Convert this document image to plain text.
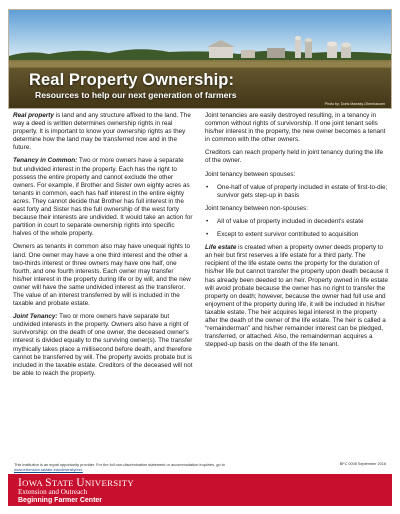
Real Property Ownership:
Resources to help our next generation of farmers
Photo by: Doris Mawsky-Obenhausen

Real property is land and any structure affixed to the land. The way a deed is written determines ownership rights in real property. It is important to know your ownership rights as they determine how the land may be transferred now and in the future.

Tenancy in Common: Two or more owners have a separate but undivided interest in the property. Each has the right to possess the entire property and cannot exclude the other owners. For example, if Brother and Sister own eighty acres as tenants in common, each has half interest in the entire eighty acres. They cannot decide that Brother has full interest in the east forty and Sister has the full ownership of the west forty because their interests are undivided. It would take an action for partition in court to separate ownership rights into specific halves of the whole property.

Owners as tenants in common also may have unequal rights to land. One owner may have a one third interest and the other a two-thirds interest or three owners may have one half, one fourth, and one fourth interests. Each owner may transfer his/her interest in the property during life or by will, and the new owner will have the same undivided interest as the transferor. The value of an interest transferred by will is included in the taxable and probate estate.

Joint Tenancy: Two or more owners have separate but undivided interests in the property. Owners also have a right of survivorship: on the death of one owner, the deceased owner's interest is divided equally to the surviving owner(s). The transfer mythically takes place a millisecond before death, and therefore cannot be transferred by will. The property avoids probate but is included in the taxable estate. Creditors of the deceased will not be able to reach the property.

Joint tenancies are easily destroyed resulting, in a tenancy in common without rights of survivorship. If one joint tenant sells his/her interest in the property, the new owner becomes a tenant in common with the other owners.

Creditors can reach property held in joint tenancy during the life of the owner.

Joint tenancy between spouses:

• One-half of value of property included in estate of first-to-die; survivor gets step-up in basis

Joint tenancy between non-spouses:

• All of value of property included in decedent's estate
• Except to extent survivor contributed to acquisition

Life estate is created when a property owner deeds property to an heir but first reserves a life estate for a third party. The recipient of the life estate owns the property for the duration of his/her life but cannot transfer the property upon death because it has already been deeded to an heir. Property owned in life estate will avoid probate because the owner has no right to transfer the property on death; however, because the owner had full use and enjoyment of the property during life, it will be included in his/her taxable estate. The heir acquires legal interest in the property after the death of the owner of the life estate. The heir is called a “remainderman” and his/her remainder interest can be pledged, transferred, or attached. Also, the remainderman acquires a stepped-up basis on the death of the life tenant.

This institution is an equal opportunity provider. For the full non-discrimination statement or accommodation inquiries, go to
www.extension.iastate.edu/diversity/ext.
BFC 0008 September 2016
IOWA STATE UNIVERSITY
Extension and Outreach
Beginning Farmer Center
